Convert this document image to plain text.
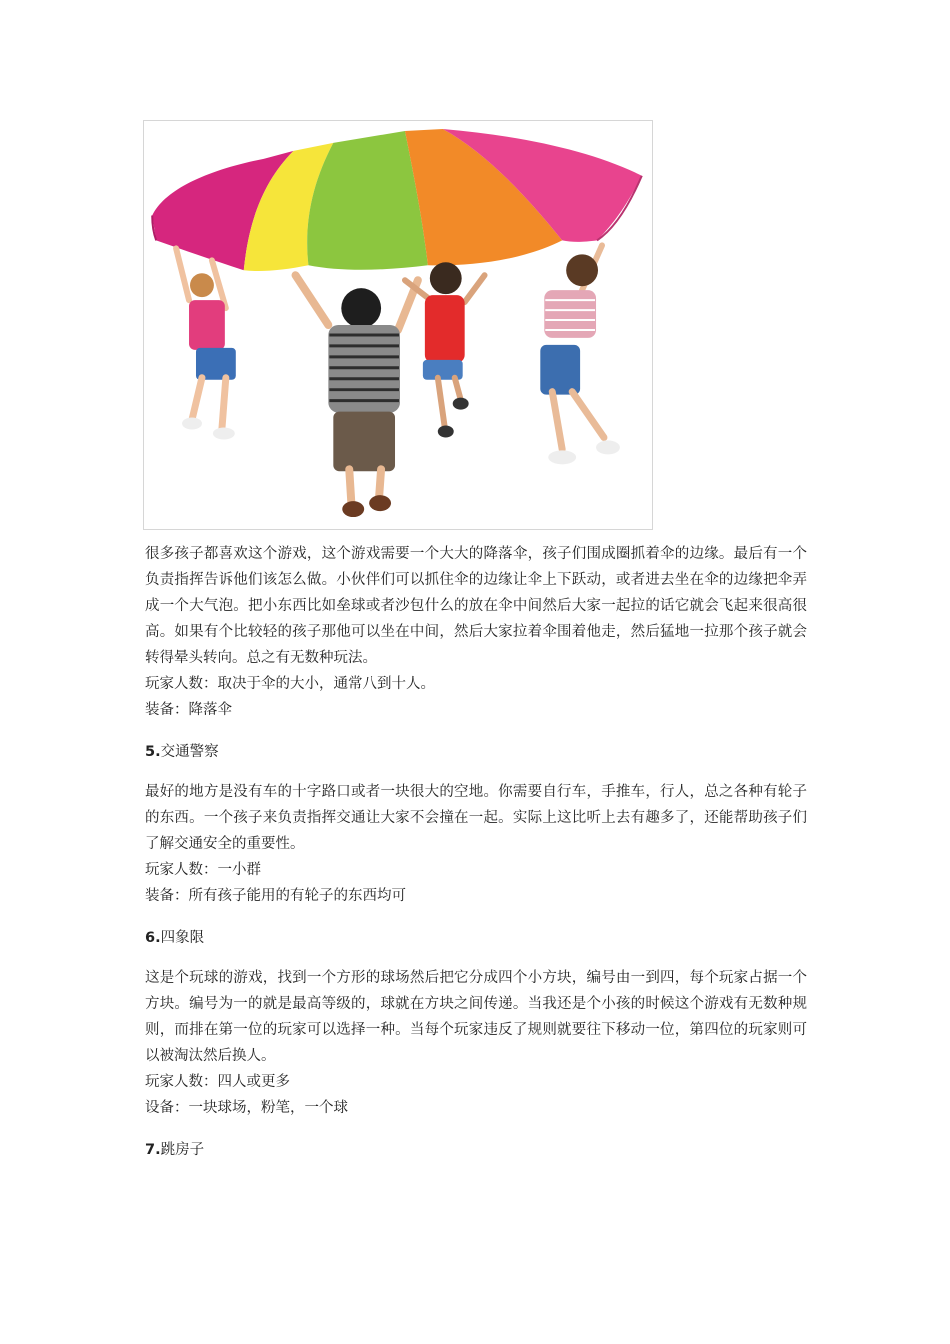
很多孩子都喜欢这个游戏，这个游戏需要一个大大的降落伞，孩子们围成圈抓着伞的边缘。最后有一个负责指挥告诉他们该怎么做。小伙伴们可以抓住伞的边缘让伞上下跃动，或者进去坐在伞的边缘把伞弄成一个大气泡。把小东西比如垒球或者沙包什么的放在伞中间然后大家一起拉的话它就会飞起来很高很高。如果有个比较轻的孩子那他可以坐在中间，然后大家拉着伞围着他走，然后猛地一拉那个孩子就会转得晕头转向。总之有无数种玩法。

玩家人数：取决于伞的大小，通常八到十人。

装备：降落伞

5.交通警察

最好的地方是没有车的十字路口或者一块很大的空地。你需要自行车，手推车，行人，总之各种有轮子的东西。一个孩子来负责指挥交通让大家不会撞在一起。实际上这比听上去有趣多了，还能帮助孩子们了解交通安全的重要性。

玩家人数：一小群

装备：所有孩子能用的有轮子的东西均可

6.四象限

这是个玩球的游戏，找到一个方形的球场然后把它分成四个小方块，编号由一到四，每个玩家占据一个方块。编号为一的就是最高等级的，球就在方块之间传递。当我还是个小孩的时候这个游戏有无数种规则，而排在第一位的玩家可以选择一种。当每个玩家违反了规则就要往下移动一位，第四位的玩家则可以被淘汰然后换人。

玩家人数：四人或更多

设备：一块球场，粉笔，一个球

7.跳房子
